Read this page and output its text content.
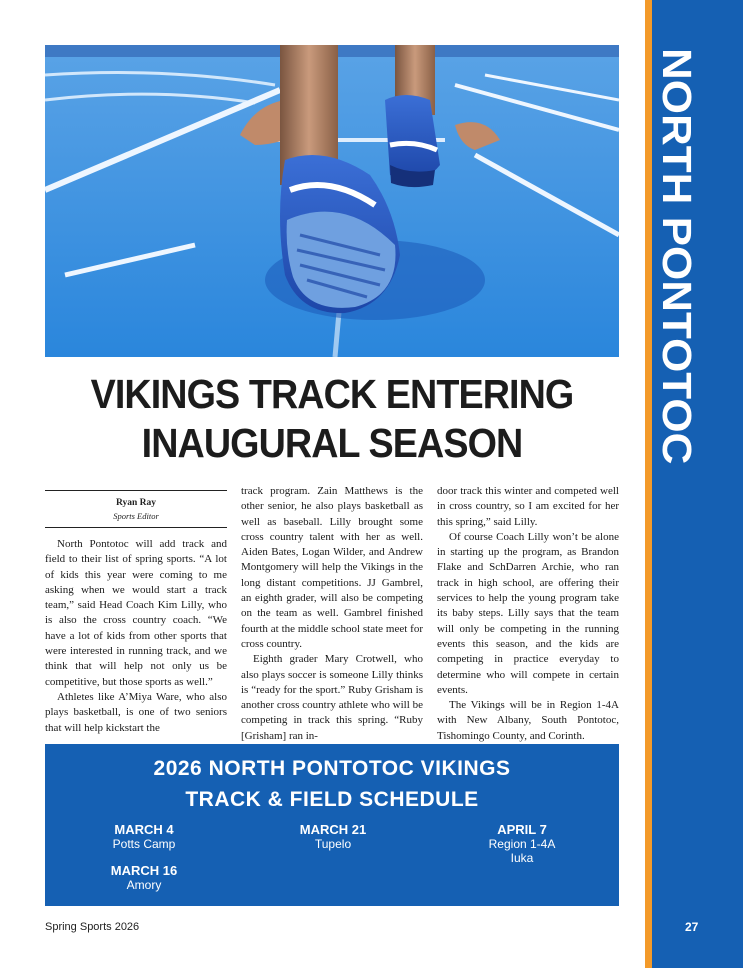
NORTH PONTOTOC
27
VIKINGS TRACK ENTERING
INAUGURAL SEASON
Ryan Ray
Sports Editor

North Pontotoc will add track and field to their list of spring sports. “A lot of kids this year were coming to me asking when we would start a track team,” said Head Coach Kim Lilly, who is also the cross country coach. “We have a lot of kids from other sports that were interested in running track, and we think that will help not only us be competitive, but those sports as well.”

Athletes like A’Miya Ware, who also plays basketball, is one of two seniors that will help kickstart the

track program. Zain Matthews is the other senior, he also plays basketball as well as baseball. Lilly brought some cross country talent with her as well. Aiden Bates, Logan Wilder, and Andrew Montgomery will help the Vikings in the long distant competitions. JJ Gambrel, an eighth grader, will also be competing on the team as well. Gambrel finished fourth at the middle school state meet for cross country.

Eighth grader Mary Crotwell, who also plays soccer is someone Lilly thinks is “ready for the sport.” Ruby Grisham is another cross country athlete who will be competing in track this spring. “Ruby [Grisham] ran in-

door track this winter and competed well in cross country, so I am excited for her this spring,” said Lilly.

Of course Coach Lilly won’t be alone in starting up the program, as Brandon Flake and SchDarren Archie, who ran track in high school, are offering their services to help the young program take its baby steps. Lilly says that the team will only be competing in the running events this season, and the kids are competing in practice everyday to determine who will compete in certain events.

The Vikings will be in Region 1-4A with New Albany, South Pontotoc, Tishomingo County, and Corinth.

2026 NORTH PONTOTOC VIKINGS
TRACK & FIELD SCHEDULE
MARCH 4
Potts Camp
MARCH 21
Tupelo
APRIL 7
Region 1-4A
Iuka
MARCH 16
Amory
Spring Sports 2026
